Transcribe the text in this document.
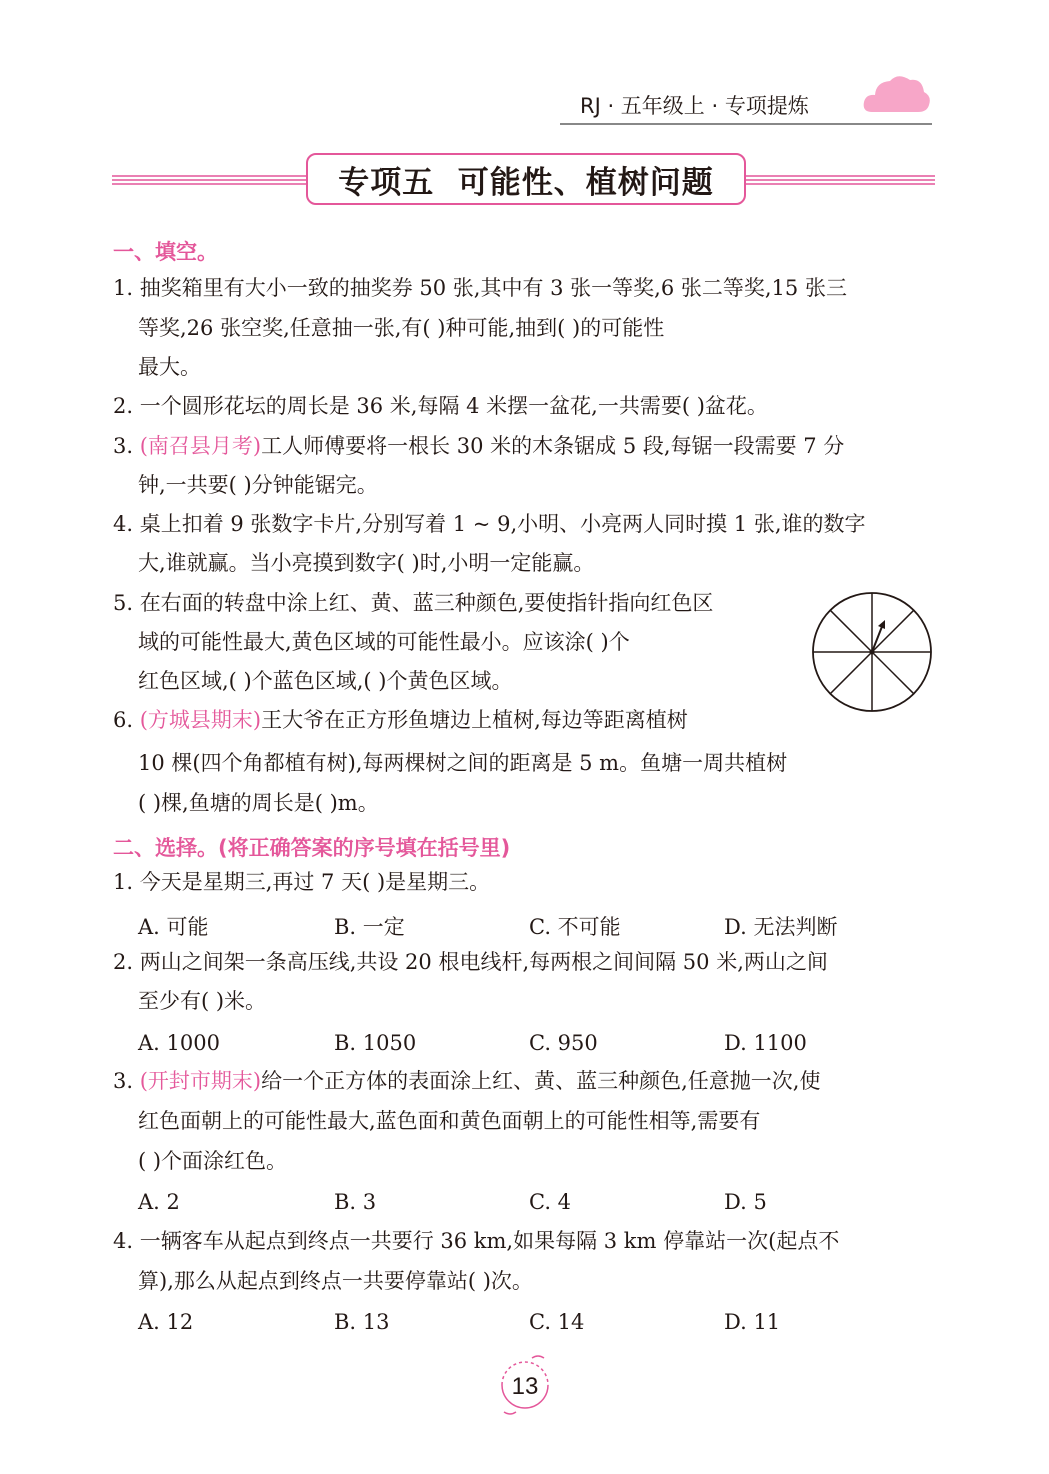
RJ · 五年级上 · 专项提炼
专项五  可能性、植树问题
一、填空。
1. 抽奖箱里有大小一致的抽奖券 50 张,其中有 3 张一等奖,6 张二等奖,15 张三
等奖,26 张空奖,任意抽一张,有( )种可能,抽到( )的可能性
最大。
2. 一个圆形花坛的周长是 36 米,每隔 4 米摆一盆花,一共需要( )盆花。
3. (南召县月考)工人师傅要将一根长 30 米的木条锯成 5 段,每锯一段需要 7 分
钟,一共要( )分钟能锯完。
4. 桌上扣着 9 张数字卡片,分别写着 1 ~ 9,小明、小亮两人同时摸 1 张,谁的数字
大,谁就赢。当小亮摸到数字( )时,小明一定能赢。
5. 在右面的转盘中涂上红、黄、蓝三种颜色,要使指针指向红色区
域的可能性最大,黄色区域的可能性最小。应该涂( )个
红色区域,( )个蓝色区域,( )个黄色区域。
6. (方城县期末)王大爷在正方形鱼塘边上植树,每边等距离植树
10 棵(四个角都植有树),每两棵树之间的距离是 5 m。鱼塘一周共植树
( )棵,鱼塘的周长是( )m。
二、选择。(将正确答案的序号填在括号里)
1. 今天是星期三,再过 7 天( )是星期三。
A. 可能	B. 一定	C. 不可能	D. 无法判断
2. 两山之间架一条高压线,共设 20 根电线杆,每两根之间间隔 50 米,两山之间
至少有( )米。
A. 1000	B. 1050	C. 950	D. 1100
3. (开封市期末)给一个正方体的表面涂上红、黄、蓝三种颜色,任意抛一次,使
红色面朝上的可能性最大,蓝色面和黄色面朝上的可能性相等,需要有
( )个面涂红色。
A. 2	B. 3	C. 4	D. 5
4. 一辆客车从起点到终点一共要行 36 km,如果每隔 3 km 停靠站一次(起点不
算),那么从起点到终点一共要停靠站( )次。
A. 12	B. 13	C. 14	D. 11
13
